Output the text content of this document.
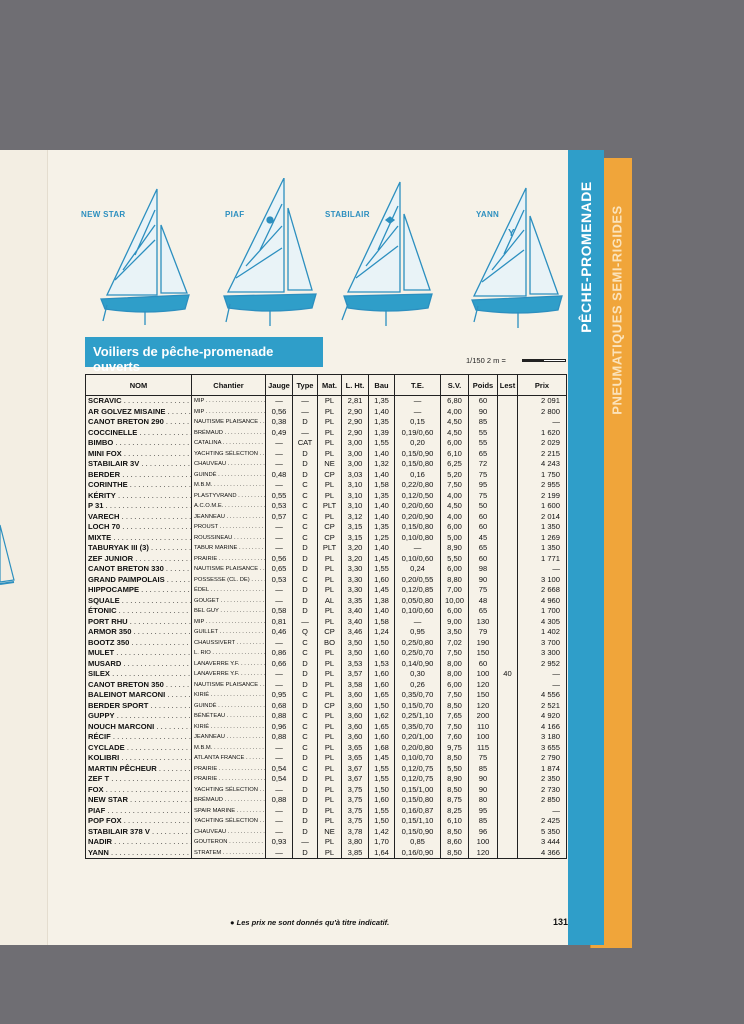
PNEUMATIQUES SEMI-RIGIDES
PÊCHE-PROMENADE
NEW STAR	PIAF	STABILAIR	YANN
Y
Voiliers de pêche-promenade ouverts	1/150 2 m =
NOM	Chantier	Jauge	Type	Mat.	L. Ht.	Bau	T.E.	S.V.	Poids	Lest	Prix
SCRAVIC . . .	MIP . . .	—	—	PL	2,81	1,35	—	6,80	60		2 091
AR GOLVEZ MISAINE . . .	MIP . . .	0,56	—	PL	2,90	1,40	—	4,00	90		2 800
CANOT BRETON 290 . . .	NAUTISME PLAISANCE . . .	0,38	D	PL	2,90	1,35	0,15	4,50	85		—
COCCINELLE . . .	BRÉMAUD . . .	0,49	—	PL	2,90	1,39	0,19/0,60	4,50	55		1 620
BIMBO . . .	CATALINA . . .	—	CAT	PL	3,00	1,55	0,20	6,00	55		2 029
MINI FOX . . .	YACHTING SÉLECTION . . .	—	D	PL	3,00	1,40	0,15/0,90	6,10	65		2 215
STABILAIR 3V . . .	CHAUVEAU . . .	—	D	NE	3,00	1,32	0,15/0,80	6,25	72		4 243
BERDER . . .	GUINDÉ . . .	0,48	D	CP	3,03	1,40	0,16	5,20	75		1 750
CORINTHE . . .	M.B.M. . . .	—	C	PL	3,10	1,58	0,22/0,80	7,50	95		2 955
KÉRITY . . .	PLASTYVRAND . . .	0,55	C	PL	3,10	1,35	0,12/0,50	4,00	75		2 199
P 31 . . .	A.C.O.M.E. . . .	0,53	C	PLT	3,10	1,40	0,20/0,60	4,50	50		1 600
VARECH . . .	JEANNEAU . . .	0,57	C	PL	3,12	1,40	0,20/0,90	4,00	60		2 014
LOCH 70 . . .	PROUST . . .	—	C	CP	3,15	1,35	0,15/0,80	6,00	60		1 350
MIXTE . . .	ROUSSINEAU . . .	—	C	CP	3,15	1,25	0,10/0,80	5,00	45		1 269
TABURYAK III (3) . . .	TABUR MARINE . . .	—	D	PLT	3,20	1,40	—	8,90	65		1 350
ZEF JUNIOR . . .	PRAIRIE . . .	0,56	D	PL	3,20	1,45	0,10/0,60	5,50	60		1 771
CANOT BRETON 330 . . .	NAUTISME PLAISANCE . . .	0,65	D	PL	3,30	1,55	0,24	6,00	98		—
GRAND PAIMPOLAIS . . .	POSSESSE (CL. DE) . . .	0,53	C	PL	3,30	1,60	0,20/0,55	8,80	90		3 100
HIPPOCAMPE . . .	ÉDEL . . .	—	D	PL	3,30	1,45	0,12/0,85	7,00	75		2 668
SQUALE . . .	GOUGET . . .	—	D	AL	3,35	1,38	0,05/0,80	10,00	48		4 960
ÉTONIC . . .	BEL GUY . . .	0,58	D	PL	3,40	1,40	0,10/0,60	6,00	65		1 700
PORT RHU . . .	MIP . . .	0,81	—	PL	3,40	1,58	—	9,00	130		4 305
ARMOR 350 . . .	GUILLET . . .	0,46	Q	CP	3,46	1,24	0,95	3,50	79		1 402
BOOTZ 350 . . .	CHAUSSIVERT . . .	—	C	BO	3,50	1,50	0,25/0,80	7,02	190		3 700
MULET . . .	L. RIO . . .	0,86	C	PL	3,50	1,60	0,25/0,70	7,50	150		3 300
MUSARD . . .	LANAVERRE Y.F. . . .	0,66	D	PL	3,53	1,53	0,14/0,90	8,00	60		2 952
SILEX . . .	LANAVERRE Y.F. . . .	—	D	PL	3,57	1,60	0,30	8,00	100	40	—
CANOT BRETON 350 . . .	NAUTISME PLAISANCE . . .	—	D	PL	3,58	1,60	0,26	6,00	120		—
BALEINOT MARCONI . . .	KIRIÉ . . .	0,95	C	PL	3,60	1,65	0,35/0,70	7,50	150		4 556
BERDER SPORT . . .	GUINDÉ . . .	0,68	D	CP	3,60	1,50	0,15/0,70	8,50	120		2 521
GUPPY . . .	BÉNÉTEAU . . .	0,88	C	PL	3,60	1,62	0,25/1,10	7,65	200		4 920
NOUCH MARCONI . . .	KIRIÉ . . .	0,96	C	PL	3,60	1,65	0,35/0,70	7,50	110		4 166
RÉCIF . . .	JEANNEAU . . .	0,88	C	PL	3,60	1,60	0,20/1,00	7,60	100		3 180
CYCLADE . . .	M.B.M. . . .	—	C	PL	3,65	1,68	0,20/0,80	9,75	115		3 655
KOLIBRI . . .	ATLANTA FRANCE . . .	—	D	PL	3,65	1,45	0,10/0,70	8,50	75		2 790
MARTIN PÊCHEUR . . .	PRAIRIE . . .	0,54	C	PL	3,67	1,55	0,12/0,75	5,50	85		1 874
ZEF T . . .	PRAIRIE . . .	0,54	D	PL	3,67	1,55	0,12/0,75	8,90	90		2 350
FOX . . .	YACHTING SÉLECTION . . .	—	D	PL	3,75	1,50	0,15/1,00	8,50	90		2 730
NEW STAR . . .	BRÉMAUD . . .	0,88	D	PL	3,75	1,60	0,15/0,80	8,75	80		2 850
PIAF . . .	SPAIR MARINE . . .	—	D	PL	3,75	1,55	0,16/0,87	8,25	95		—
POP FOX . . .	YACHTING SÉLECTION . . .	—	D	PL	3,75	1,50	0,15/1,10	6,10	85		2 425
STABILAIR 378 V . . .	CHAUVEAU . . .	—	D	NE	3,78	1,42	0,15/0,90	8,50	96		5 350
NADIR . . .	GOUTERON . . .	0,93	—	PL	3,80	1,70	0,85	8,60	100		3 444
YANN . . .	STRATEM . . .	—	D	PL	3,85	1,64	0,16/0,90	8,50	120		4 366
● Les prix ne sont donnés qu'à titre indicatif.	131
